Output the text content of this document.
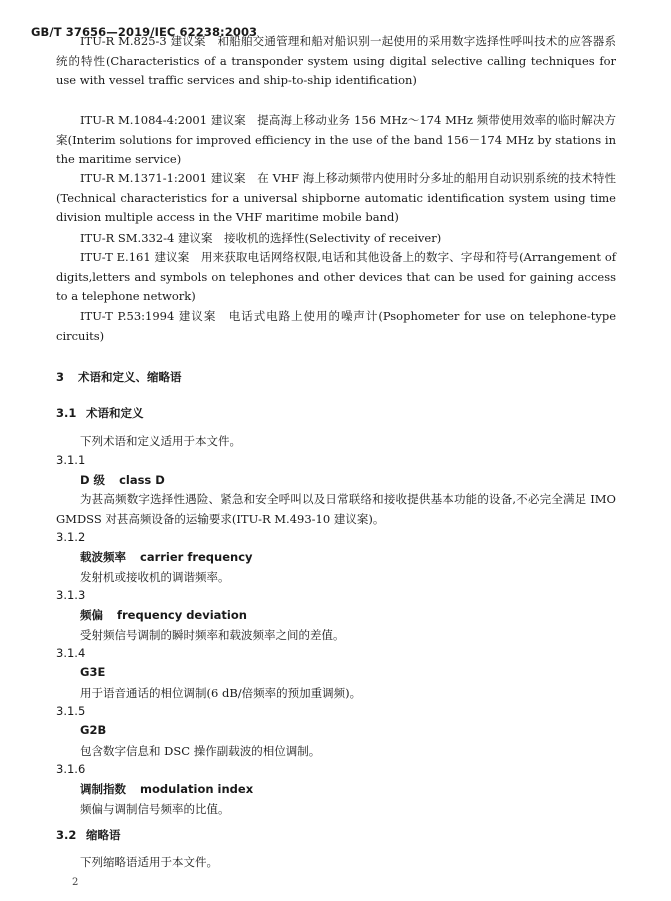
GB/T 37656—2019/IEC 62238:2003
ITU-R M.825-3 建议案　和船舶交通管理和船对船识别一起使用的采用数字选择性呼叫技术的应答器系统的特性(Characteristics of a transponder system using digital selective calling techniques for use with vessel traffic services and ship-to-ship identification)
ITU-R M.1084-4:2001 建议案　提高海上移动业务 156 MHz～174 MHz 频带使用效率的临时解决方案(Interim solutions for improved efficiency in the use of the band 156－174 MHz by stations in the maritime service)
ITU-R M.1371-1:2001 建议案　在 VHF 海上移动频带内使用时分多址的船用自动识别系统的技术特性(Technical characteristics for a universal shipborne automatic identification system using time division multiple access in the VHF maritime mobile band)
ITU-R SM.332-4 建议案　接收机的选择性(Selectivity of receiver)
ITU-T E.161 建议案　用来获取电话网络权限,电话和其他设备上的数字、字母和符号(Arrangement of digits,letters and symbols on telephones and other devices that can be used for gaining access to a telephone network)
ITU-T P.53:1994 建议案　电话式电路上使用的噪声计(Psophometer for use on telephone-type circuits)
3 术语和定义、缩略语
3.1 术语和定义
下列术语和定义适用于本文件。
3.1.1
D 级 class D
为甚高频数字选择性遇险、紧急和安全呼叫以及日常联络和接收提供基本功能的设备,不必完全满足 IMO GMDSS 对甚高频设备的运输要求(ITU-R M.493-10 建议案)。
3.1.2
载波频率 carrier frequency
发射机或接收机的调谐频率。
3.1.3
频偏 frequency deviation
受射频信号调制的瞬时频率和载波频率之间的差值。
3.1.4
G3E
用于语音通话的相位调制(6 dB/倍频率的预加重调频)。
3.1.5
G2B
包含数字信息和 DSC 操作副载波的相位调制。
3.1.6
调制指数 modulation index
频偏与调制信号频率的比值。
3.2 缩略语
下列缩略语适用于本文件。
2
